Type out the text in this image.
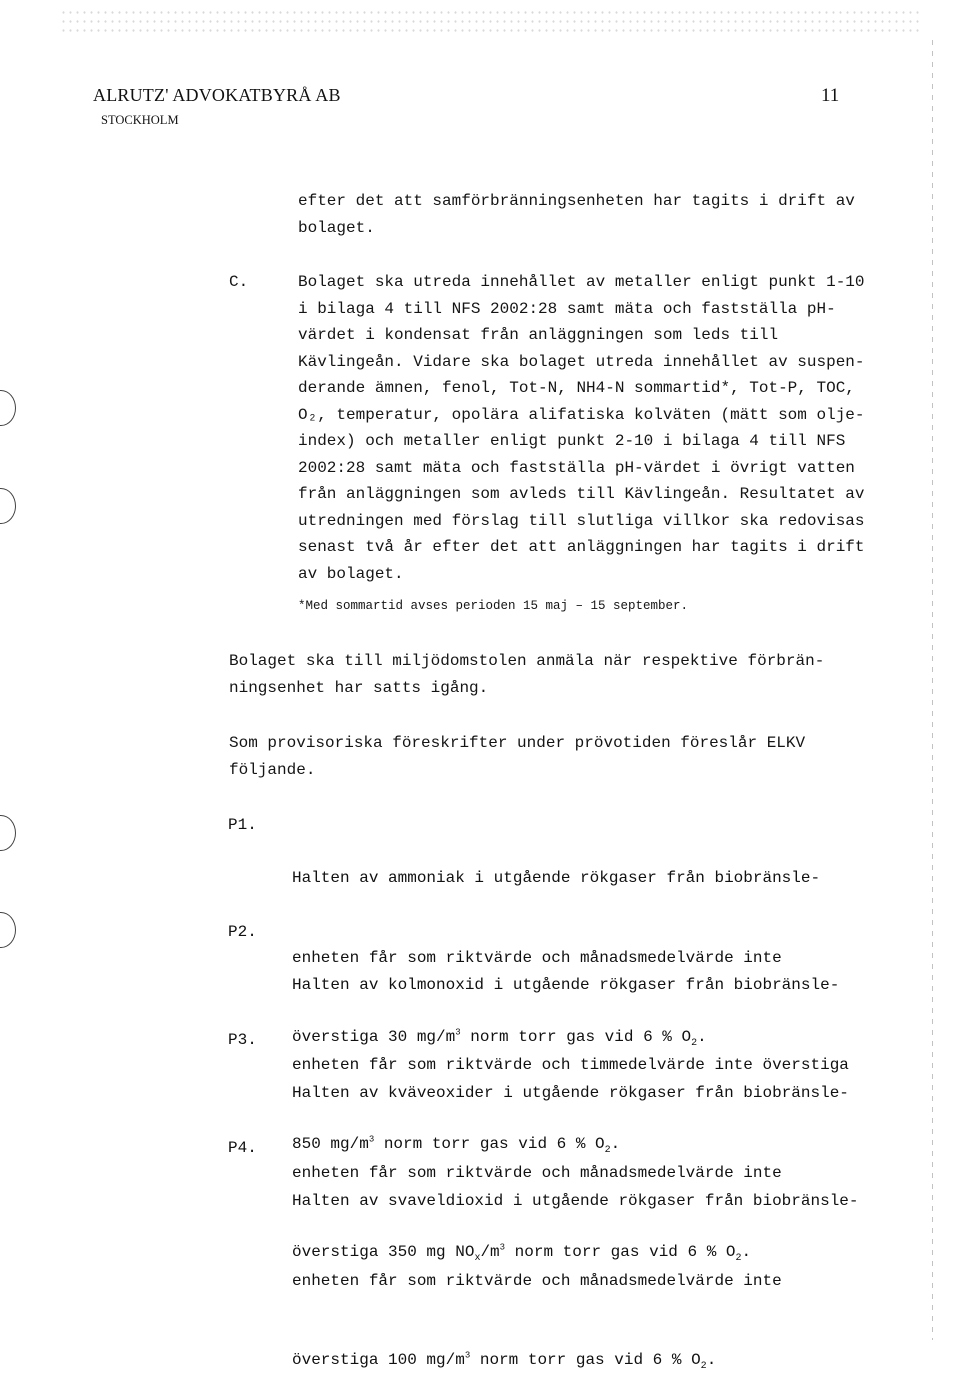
ALRUTZ' ADVOKATBYRÅ AB
STOCKHOLM
11
efter det att samförbränningsenheten har tagits i drift av
bolaget.
C.	Bolaget ska utreda innehållet av metaller enligt punkt 1-10
i bilaga 4 till NFS 2002:28 samt mäta och fastställa pH-
värdet i kondensat från anläggningen som leds till
Kävlingeån. Vidare ska bolaget utreda innehållet av suspen-
derande ämnen, fenol, Tot-N, NH4-N sommartid*, Tot-P, TOC,
O₂, temperatur, opolära alifatiska kolväten (mätt som olje-
index) och metaller enligt punkt 2-10 i bilaga 4 till NFS
2002:28 samt mäta och fastställa pH-värdet i övrigt vatten
från anläggningen som avleds till Kävlingeån. Resultatet av
utredningen med förslag till slutliga villkor ska redovisas
senast två år efter det att anläggningen har tagits i drift
av bolaget.
*Med sommartid avses perioden 15 maj – 15 september.
Bolaget ska till miljödomstolen anmäla när respektive förbrän-
ningsenhet har satts igång.
Som provisoriska föreskrifter under prövotiden föreslår ELKV
följande.
P1.

Halten av ammoniak i utgående rökgaser från biobränsle-

enheten får som riktvärde och månadsmedelvärde inte

överstiga 30 $mg/m^3$ norm torr gas vid 6 % $O_2$.

P2.

Halten av kolmonoxid i utgående rökgaser från biobränsle-

enheten får som riktvärde och timmedelvärde inte överstiga

850 $mg/m^3$ norm torr gas vid 6 % $O_2$.

P3.

Halten av kväveoxider i utgående rökgaser från biobränsle-

enheten får som riktvärde och månadsmedelvärde inte

överstiga 350 mg $NO_x/m^3$ norm torr gas vid 6 % $O_2$.

P4.

Halten av svaveldioxid i utgående rökgaser från biobränsle-

enheten får som riktvärde och månadsmedelvärde inte

överstiga 100 $mg/m^3$ norm torr gas vid 6 % $O_2$.
